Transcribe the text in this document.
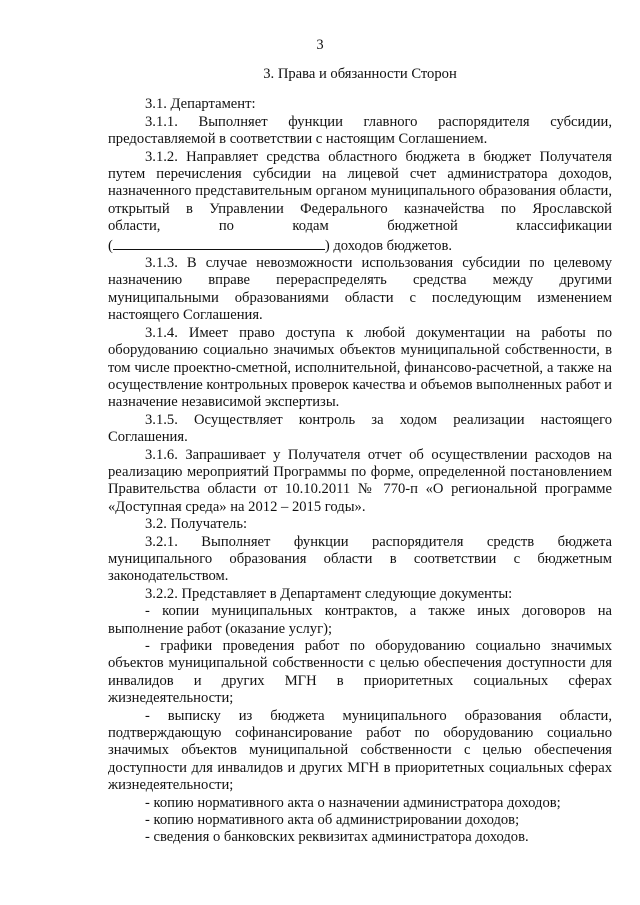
3
3. Права и обязанности Сторон

3.1. Департамент:

3.1.1. Выполняет функции главного распорядителя субсидии, предоставляемой в соответствии с настоящим Соглашением.

3.1.2. Направляет средства областного бюджета в бюджет Получателя путем перечисления субсидии на лицевой счет администратора доходов, назначенного представительным органом муниципального образования области, открытый в Управлении Федерального казначейства по Ярославской

области,	по	кодам	бюджетной	классификации

(	) доходов бюджетов.

3.1.3. В случае невозможности использования субсидии по целевому назначению вправе перераспределять средства между другими муниципальными образованиями области с последующим изменением настоящего Соглашения.

3.1.4. Имеет право доступа к любой документации на работы по оборудованию социально значимых объектов муниципальной собственности, в том числе проектно-сметной, исполнительной, финансово-расчетной, а также на осуществление контрольных проверок качества и объемов выполненных работ и назначение независимой экспертизы.

3.1.5. Осуществляет контроль за ходом реализации настоящего Соглашения.

3.1.6. Запрашивает у Получателя отчет об осуществлении расходов на реализацию мероприятий Программы по форме, определенной постановлением Правительства области от 10.10.2011 № 770-п «О региональной программе «Доступная среда» на 2012 – 2015 годы».

3.2. Получатель:

3.2.1. Выполняет функции распорядителя средств бюджета муниципального образования области в соответствии с бюджетным законодательством.

3.2.2. Представляет в Департамент следующие документы:

- копии муниципальных контрактов, а также иных договоров на выполнение работ (оказание услуг);

- графики проведения работ по оборудованию социально значимых объектов муниципальной собственности с целью обеспечения доступности для инвалидов и других МГН в приоритетных социальных сферах жизнедеятельности;

- выписку из бюджета муниципального образования области, подтверждающую софинансирование работ по оборудованию социально значимых объектов муниципальной собственности с целью обеспечения доступности для инвалидов и других МГН в приоритетных социальных сферах жизнедеятельности;

- копию нормативного акта о назначении администратора доходов;

- копию нормативного акта об администрировании доходов;

- сведения о банковских реквизитах администратора доходов.
